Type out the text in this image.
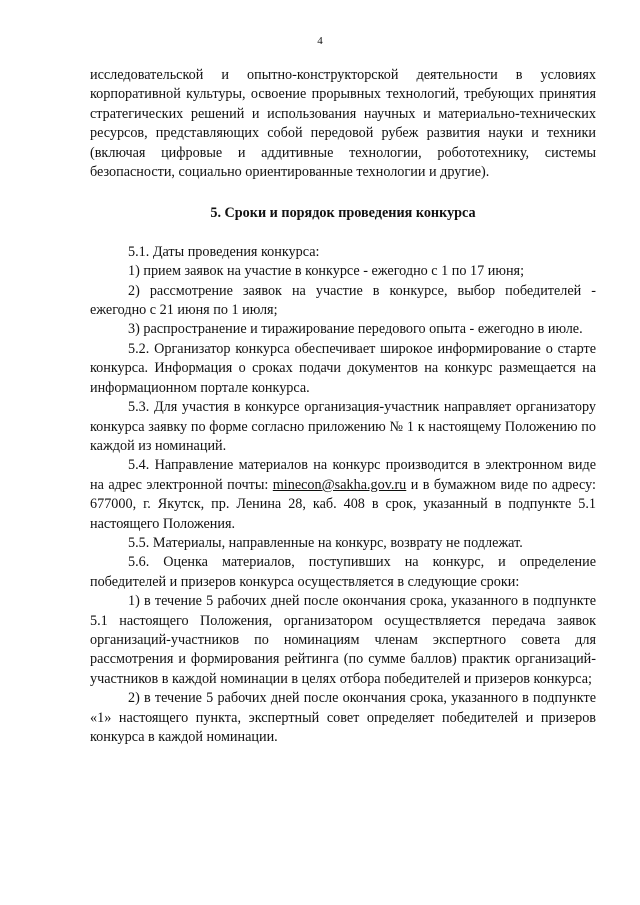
4

исследовательской и опытно-конструкторской деятельности в условиях корпоративной культуры, освоение прорывных технологий, требующих принятия стратегических решений и использования научных и материально-технических ресурсов, представляющих собой передовой рубеж развития науки и техники (включая цифровые и аддитивные технологии, робототехнику, системы безопасности, социально ориентированные технологии и другие).

5. Сроки и порядок проведения конкурса

5.1. Даты проведения конкурса:

1) прием заявок на участие в конкурсе - ежегодно с 1 по 17 июня;

2) рассмотрение заявок на участие в конкурсе, выбор победителей - ежегодно с 21 июня по 1 июля;

3) распространение и тиражирование передового опыта - ежегодно в июле.

5.2. Организатор конкурса обеспечивает широкое информирование о старте конкурса. Информация о сроках подачи документов на конкурс размещается на информационном портале конкурса.

5.3. Для участия в конкурсе организация-участник направляет организатору конкурса заявку по форме согласно приложению № 1 к настоящему Положению по каждой из номинаций.

5.4. Направление материалов на конкурс производится в электронном виде на адрес электронной почты: minecon@sakha.gov.ru и в бумажном виде по адресу: 677000, г. Якутск, пр. Ленина 28, каб. 408 в срок, указанный в подпункте 5.1 настоящего Положения.

5.5. Материалы, направленные на конкурс, возврату не подлежат.

5.6. Оценка материалов, поступивших на конкурс, и определение победителей и призеров конкурса осуществляется в следующие сроки:

1) в течение 5 рабочих дней после окончания срока, указанного в подпункте 5.1 настоящего Положения, организатором осуществляется передача заявок организаций-участников по номинациям членам экспертного совета для рассмотрения и формирования рейтинга (по сумме баллов) практик организаций-участников в каждой номинации в целях отбора победителей и призеров конкурса;

2) в течение 5 рабочих дней после окончания срока, указанного в подпункте «1» настоящего пункта, экспертный совет определяет победителей и призеров конкурса в каждой номинации.
